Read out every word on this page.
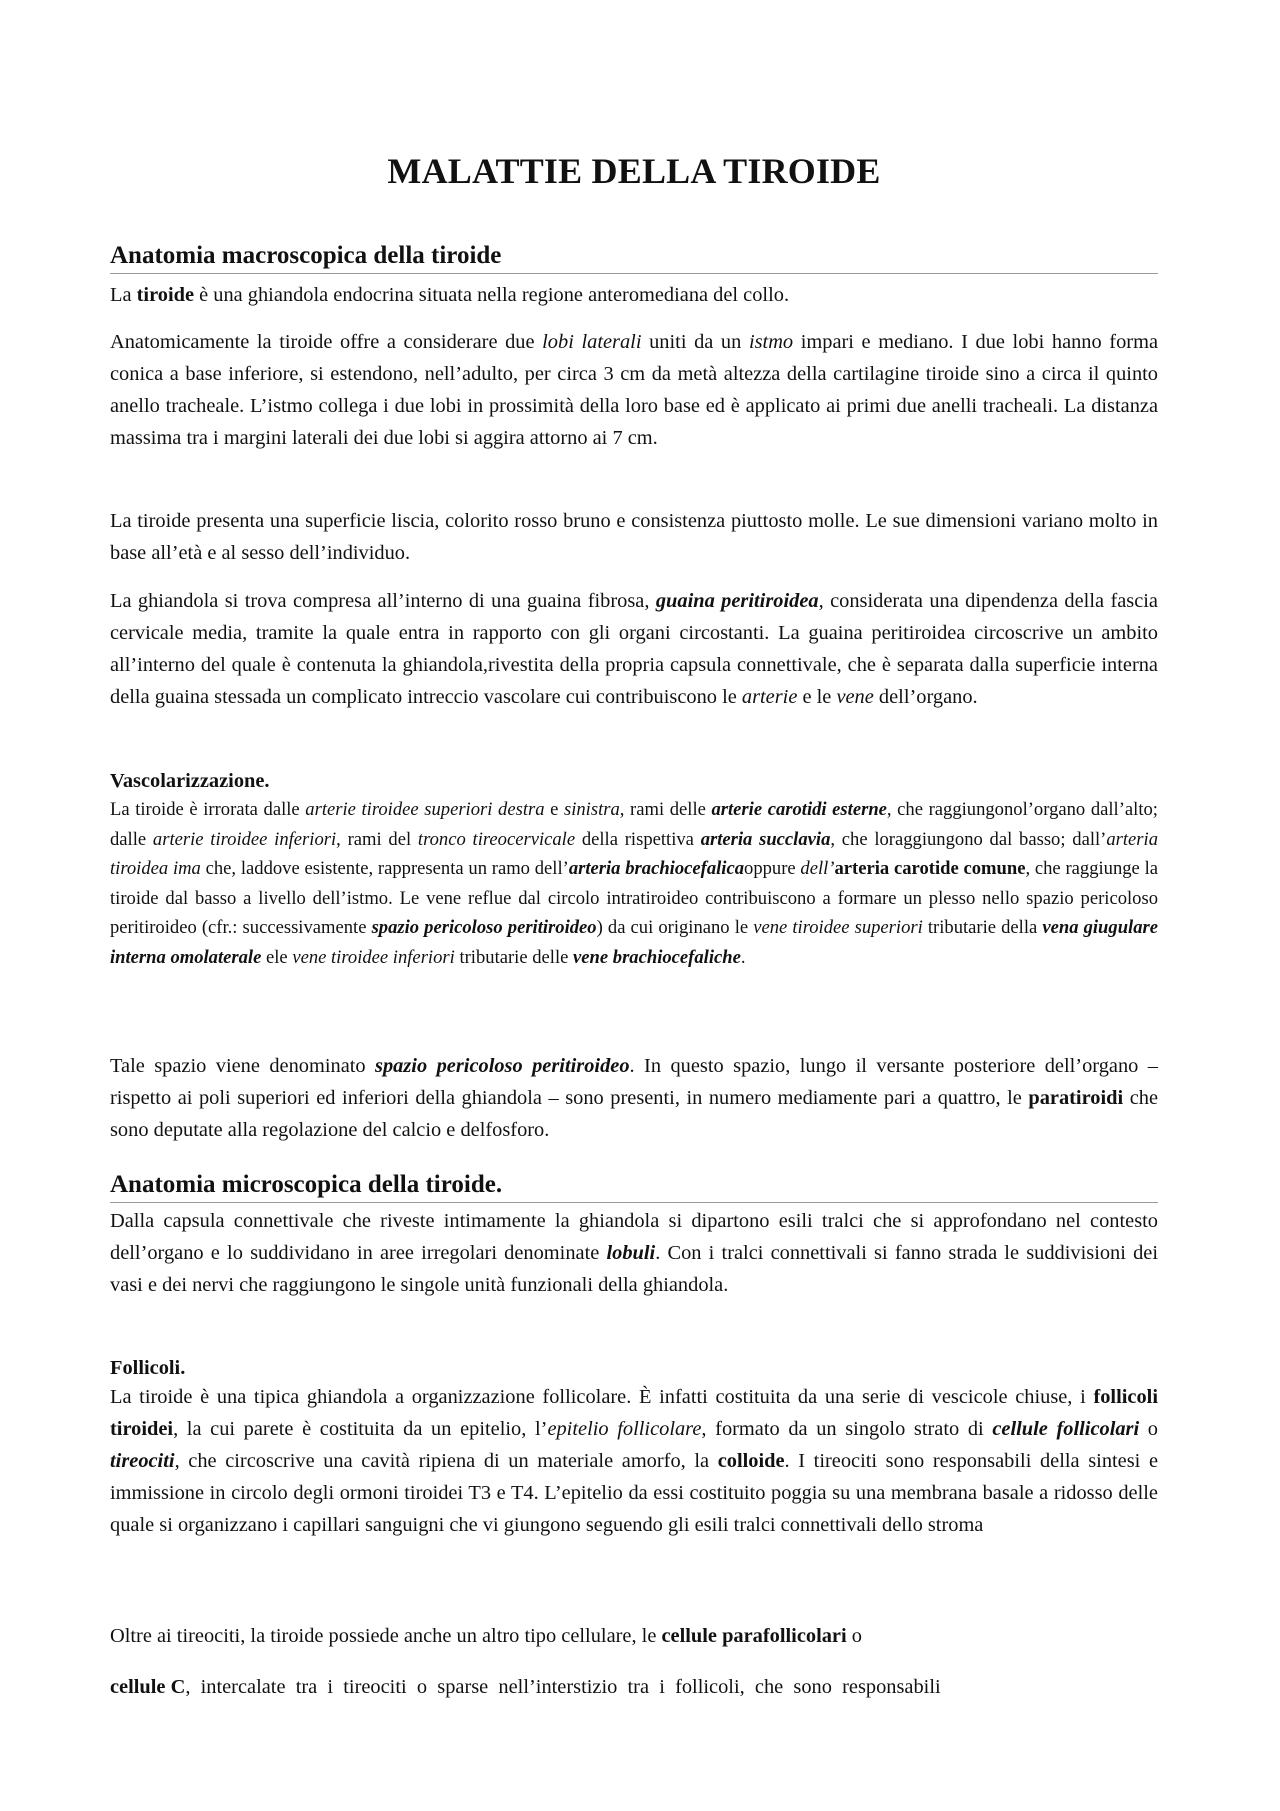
MALATTIE DELLA TIROIDE
Anatomia macroscopica della tiroide

La tiroide è una ghiandola endocrina situata nella regione anteromediana del collo.

Anatomicamente la tiroide offre a considerare due lobi laterali uniti da un istmo impari e mediano. I due lobi hanno forma conica a base inferiore, si estendono, nell’adulto, per circa 3 cm da metà altezza della cartilagine tiroide sino a circa il quinto anello tracheale. L’istmo collega i due lobi in prossimità della loro base ed è applicato ai primi due anelli tracheali. La distanza massima tra i margini laterali dei due lobi si aggira attorno ai 7 cm.

La tiroide presenta una superficie liscia, colorito rosso bruno e consistenza piuttosto molle. Le sue dimensioni variano molto in base all’età e al sesso dell’individuo.

La ghiandola si trova compresa all’interno di una guaina fibrosa, guaina peritiroidea, considerata una dipendenza della fascia cervicale media, tramite la quale entra in rapporto con gli organi circostanti. La guaina peritiroidea circoscrive un ambito all’interno del quale è contenuta la ghiandola,rivestita della propria capsula connettivale, che è separata dalla superficie interna della guaina stessada un complicato intreccio vascolare cui contribuiscono le arterie e le vene dell’organo.

Vascolarizzazione.

La tiroide è irrorata dalle arterie tiroidee superiori destra e sinistra, rami delle arterie carotidi esterne, che raggiungonol’organo dall’alto; dalle arterie tiroidee inferiori, rami del tronco tireocervicale della rispettiva arteria succlavia, che loraggiungono dal basso; dall’arteria tiroidea ima che, laddove esistente, rappresenta un ramo dell’arteria brachiocefalicaoppure dell’arteria carotide comune, che raggiunge la tiroide dal basso a livello dell’istmo. Le vene reflue dal circolo intratiroideo contribuiscono a formare un plesso nello spazio pericoloso peritiroideo (cfr.: successivamente spazio pericoloso peritiroideo) da cui originano le vene tiroidee superiori tributarie della vena giugulare interna omolaterale ele vene tiroidee inferiori tributarie delle vene brachiocefaliche.

Tale spazio viene denominato spazio pericoloso peritiroideo. In questo spazio, lungo il versante posteriore dell’organo – rispetto ai poli superiori ed inferiori della ghiandola – sono presenti, in numero mediamente pari a quattro, le paratiroidi che sono deputate alla regolazione del calcio e delfosforo.

Anatomia microscopica della tiroide.

Dalla capsula connettivale che riveste intimamente la ghiandola si dipartono esili tralci che si approfondano nel contesto dell’organo e lo suddividano in aree irregolari denominate lobuli. Con i tralci connettivali si fanno strada le suddivisioni dei vasi e dei nervi che raggiungono le singole unità funzionali della ghiandola.

Follicoli.

La tiroide è una tipica ghiandola a organizzazione follicolare. È infatti costituita da una serie di vescicole chiuse, i follicoli tiroidei, la cui parete è costituita da un epitelio, l’epitelio follicolare, formato da un singolo strato di cellule follicolari o tireociti, che circoscrive una cavità ripiena di un materiale amorfo, la colloide. I tireociti sono responsabili della sintesi e immissione in circolo degli ormoni tiroidei T3 e T4. L’epitelio da essi costituito poggia su una membrana basale a ridosso delle quale si organizzano i capillari sanguigni che vi giungono seguendo gli esili tralci connettivali dello stroma

Oltre ai tireociti, la tiroide possiede anche un altro tipo cellulare, le cellule parafollicolari o

cellule C,  intercalate  tra  i  tireociti  o  sparse  nell’interstizio  tra  i  follicoli,  che  sono  responsabili
